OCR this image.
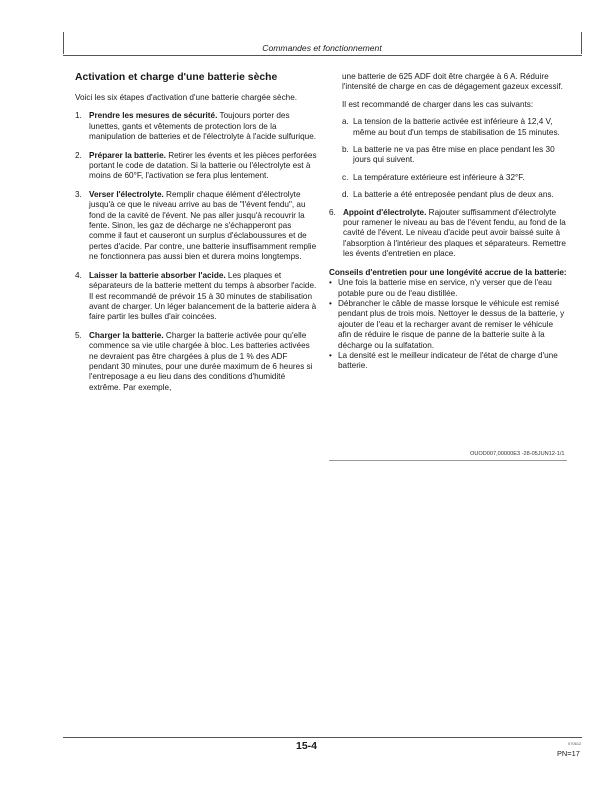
Commandes et fonctionnement
Activation et charge d'une batterie sèche

Voici les six étapes d'activation d'une batterie chargée sèche.

1. Prendre les mesures de sécurité. Toujours porter des lunettes, gants et vêtements de protection lors de la manipulation de batteries et de l'électrolyte à l'acide sulfurique.
2. Préparer la batterie. Retirer les évents et les pièces perforées portant le code de datation. Si la batterie ou l'électrolyte est à moins de 60°F, l'activation se fera plus lentement.
3. Verser l'électrolyte. Remplir chaque élément d'électrolyte jusqu'à ce que le niveau arrive au bas de "l'évent fendu", au fond de la cavité de l'évent. Ne pas aller jusqu'à recouvrir la fente. Sinon, les gaz de décharge ne s'échapperont pas comme il faut et causeront un surplus d'éclaboussures et de pertes d'acide. Par contre, une batterie insuffisamment remplie ne fonctionnera pas aussi bien et durera moins longtemps.
4. Laisser la batterie absorber l'acide. Les plaques et séparateurs de la batterie mettent du temps à absorber l'acide. Il est recommandé de prévoir 15 à 30 minutes de stabilisation avant de charger. Un léger balancement de la batterie aidera à faire partir les bulles d'air coincées.
5. Charger la batterie. Charger la batterie activée pour qu'elle commence sa vie utile chargée à bloc. Les batteries activées ne devraient pas être chargées à plus de 1 % des ADF pendant 30 minutes, pour une durée maximum de 6 heures si l'entreposage a eu lieu dans des conditions d'humidité extrême. Par exemple,

une batterie de 625 ADF doit être chargée à 6 A. Réduire l'intensité de charge en cas de dégagement gazeux excessif.

Il est recommandé de charger dans les cas suivants:

a. La tension de la batterie activée est inférieure à 12,4 V, même au bout d'un temps de stabilisation de 15 minutes.
b. La batterie ne va pas être mise en place pendant les 30 jours qui suivent.
c. La température extérieure est inférieure à 32°F.
d. La batterie a été entreposée pendant plus de deux ans.
6. Appoint d'électrolyte. Rajouter suffisamment d'électrolyte pour ramener le niveau au bas de l'évent fendu, au fond de la cavité de l'évent. Le niveau d'acide peut avoir baissé suite à l'absorption à l'intérieur des plaques et séparateurs. Remettre les évents d'entretien en place.

Conseils d'entretien pour une longévité accrue de la batterie:

• Une fois la batterie mise en service, n'y verser que de l'eau potable pure ou de l'eau distillée.
• Débrancher le câble de masse lorsque le véhicule est remisé pendant plus de trois mois. Nettoyer le dessus de la batterie, y ajouter de l'eau et la recharger avant de remiser le véhicule afin de réduire le risque de panne de la batterie suite à la décharge ou la sulfatation.
• La densité est le meilleur indicateur de l'état de charge d'une batterie.
OUOD007,00000E3 -28-05JUN12-1/1
15-4	070612
PN=17
